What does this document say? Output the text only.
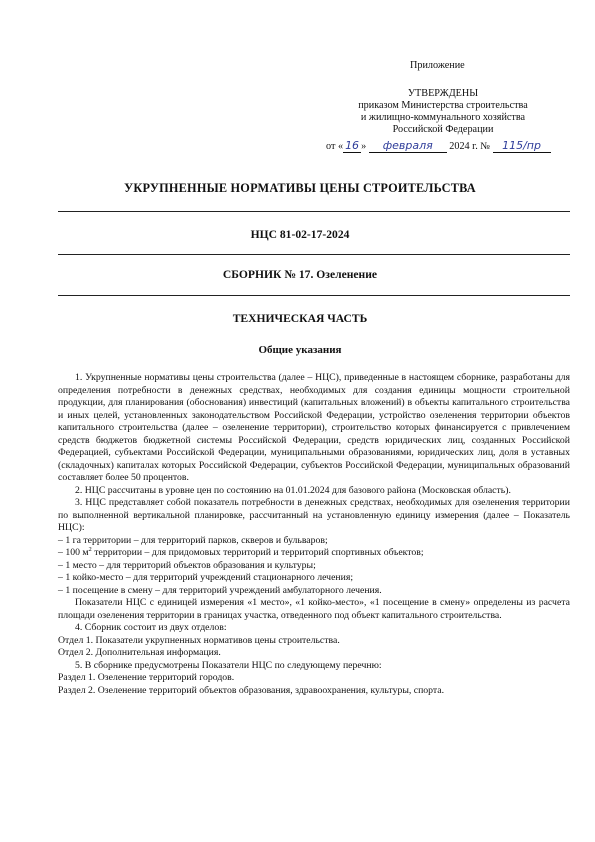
Приложение
УТВЕРЖДЕНЫ
приказом Министерства строительства
и жилищно-коммунального хозяйства
Российской Федерации
от « 16 » февраля 2024 г. № 115/пр
УКРУПНЕННЫЕ НОРМАТИВЫ ЦЕНЫ СТРОИТЕЛЬСТВА
НЦС 81-02-17-2024
СБОРНИК № 17. Озеленение
ТЕХНИЧЕСКАЯ ЧАСТЬ
Общие указания

1. Укрупненные нормативы цены строительства (далее – НЦС), приведенные в настоящем сборнике, разработаны для определения потребности в денежных средствах, необходимых для создания единицы мощности строительной продукции, для планирования (обоснования) инвестиций (капитальных вложений) в объекты капитального строительства и иных целей, установленных законодательством Российской Федерации, устройство озеленения территории объектов капитального строительства (далее – озеленение территории), строительство которых финансируется с привлечением средств бюджетов бюджетной системы Российской Федерации, средств юридических лиц, созданных Российской Федерацией, субъектами Российской Федерации, муниципальными образованиями, юридических лиц, доля в уставных (складочных) капиталах которых Российской Федерации, субъектов Российской Федерации, муниципальных образований составляет более 50 процентов.

2. НЦС рассчитаны в уровне цен по состоянию на 01.01.2024 для базового района (Московская область).

3. НЦС представляет собой показатель потребности в денежных средствах, необходимых для озеленения территории по выполненной вертикальной планировке, рассчитанный на установленную единицу измерения (далее – Показатель НЦС):

– 1 га территории – для территорий парков, скверов и бульваров;

– 100 $м^2$ территории – для придомовых территорий и территорий спортивных объектов;

– 1 место – для территорий объектов образования и культуры;

– 1 койко-место – для территорий учреждений стационарного лечения;

– 1 посещение в смену – для территорий учреждений амбулаторного лечения.

Показатели НЦС с единицей измерения «1 место», «1 койко-место», «1 посещение в смену» определены из расчета площади озеленения территории в границах участка, отведенного под объект капитального строительства.

4. Сборник состоит из двух отделов:

Отдел 1. Показатели укрупненных нормативов цены строительства.

Отдел 2. Дополнительная информация.

5. В сборнике предусмотрены Показатели НЦС по следующему перечню:

Раздел 1. Озеленение территорий городов.

Раздел 2. Озеленение территорий объектов образования, здравоохранения, культуры, спорта.
